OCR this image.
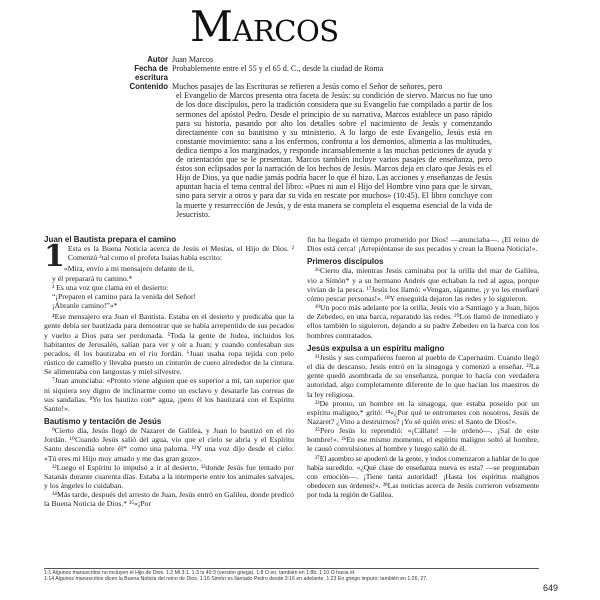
Marcos
Autor Juan Marcos
Fecha de escritura
Probablemente entre el 55 y el 65 d. C., desde la ciudad de Roma
Contenido Muchos pasajes de las Escrituras se refieren a Jesús como el Señor de señores, pero
el Evangelio de Marcos presenta otra faceta de Jesús: su condición de siervo. Marcos no fue uno de los doce discípulos, pero la tradición considera que su Evangelio fue compilado a partir de los sermones del apóstol Pedro. Desde el principio de su narrativa, Marcos establece un paso rápido para su historia, pasando por alto los detalles sobre el nacimiento de Jesús y comenzando directamente con su bautismo y su ministerio. A lo largo de este Evangelio, Jesús está en constante movimiento: sana a los enfermos, confronta a los demonios, alimenta a las multitudes, dedica tiempo a los marginados, y responde incansablemente a las muchas peticiones de ayuda y de orientación que se le presentan. Marcos también incluye varios pasajes de enseñanza, pero éstos son eclipsados por la narración de los hechos de Jesús. Marcos deja en claro que Jesús es el Hijo de Dios, ya que nadie jamás podría hacer lo que él hizo. Las acciones y enseñanzas de Jesús apuntan hacia el tema central del libro: «Pues ni aun el Hijo del Hombre vino para que le sirvan, sino para servir a otros y para dar su vida en rescate por muchos» (10:45). El libro concluye con la muerte y resurrección de Jesús, y de esta manera se completa el esquema esencial de la vida de Jesucristo.
Juan el Bautista prepara el camino

1 Esta es la Buena Noticia acerca de Jesús el Mesías, el Hijo de Dios. ² Comenzó ²tal como el profeta Isaías había escrito:

«Mira, envío a mi mensajero delante de ti,
y él preparará tu camino.*
³ Es una voz que clama en el desierto:
“¡Preparen el camino para la venida del Señor!
¡Ábranle camino!”»*

⁴Ese mensajero era Juan el Bautista. Estaba en el desierto y predicaba que la gente debía ser bautizada para demostrar que se había arrepentido de sus pecados y vuelto a Dios para ser perdonada. ⁵Toda la gente de Judea, incluidos los habitantes de Jerusalén, salían para ver y oír a Juan; y cuando confesaban sus pecados, él los bautizaba en el río Jordán. ⁶Juan usaba ropa tejida con pelo rústico de camello y llevaba puesto un cinturón de cuero alrededor de la cintura. Se alimentaba con langostas y miel silvestre.

⁷Juan anunciaba: «Pronto viene alguien que es superior a mí, tan superior que ni siquiera soy digno de inclinarme como un esclavo y desatarle las correas de sus sandalias. ⁸Yo los bautizo con* agua, ¡pero él los bautizará con el Espíritu Santo!».

Bautismo y tentación de Jesús

⁹Cierto día, Jesús llegó de Nazaret de Galilea, y Juan lo bautizó en el río Jordán. ¹⁰Cuando Jesús salió del agua, vio que el cielo se abría y el Espíritu Santo descendía sobre él* como una paloma. ¹¹Y una voz dijo desde el cielo: «Tú eres mi Hijo muy amado y me das gran gozo».

¹²Luego el Espíritu lo impulsó a ir al desierto, ¹³donde Jesús fue tentado por Satanás durante cuarenta días. Estaba a la intemperie entre los animales salvajes, y los ángeles lo cuidaban.

¹⁴Más tarde, después del arresto de Juan, Jesús entró en Galilea, donde predicó la Buena Noticia de Dios.* ¹⁵«¡Por

fin ha llegado el tiempo prometido por Dios! —anunciaba—. ¡El reino de Dios está cerca! ¡Arrepiéntanse de sus pecados y crean la Buena Noticia!».

Primeros discípulos

¹⁶Cierto día, mientras Jesús caminaba por la orilla del mar de Galilea, vio a Simón* y a su hermano Andrés que echaban la red al agua, porque vivían de la pesca. ¹⁷Jesús los llamó: «Vengan, síganme, ¡y yo les enseñaré cómo pescar personas!». ¹⁸Y enseguida dejaron las redes y lo siguieron.

¹⁹Un poco más adelante por la orilla, Jesús vio a Santiago y a Juan, hijos de Zebedeo, en una barca, reparando las redes. ²⁰Los llamó de inmediato y ellos también lo siguieron, dejando a su padre Zebedeo en la barca con los hombres contratados.

Jesús expulsa a un espíritu maligno

²¹Jesús y sus compañeros fueron al pueblo de Capernaúm. Cuando llegó el día de descanso, Jesús entró en la sinagoga y comenzó a enseñar. ²²La gente quedó asombrada de su enseñanza, porque lo hacía con verdadera autoridad, algo completamente diferente de lo que hacían los maestros de la ley religiosa.

²³De pronto, un hombre en la sinagoga, que estaba poseído por un espíritu maligno,* gritó: ²⁴«¿Por qué te entrometes con nosotros, Jesús de Nazaret? ¿Vino a destruirnos? ¡Yo sé quién eres: el Santo de Dios!».

²⁵Pero Jesús lo reprendió: «¡Cállate! —le ordenó—. ¡Sal de este hombre!». ²⁶En ese mismo momento, el espíritu maligno soltó al hombre, le causó convulsiones al hombre y luego salió de él.

²⁷El asombro se apoderó de la gente, y todos comenzaron a hablar de lo que había sucedido. «¿Qué clase de enseñanza nueva es esta? —se preguntaban con emoción—. ¡Tiene tanta autoridad! ¡Hasta los espíritus malignos obedecen sus órdenes!». ²⁸Las noticias acerca de Jesús corrieron velozmente por toda la región de Galilea.

1:1 Algunos manuscritos no incluyen el Hijo de Dios. 1:2 Ml 3:1. 1:3 Is 40:3 (versión griega). 1:8 O en; también en 1:8b. 1:10 O hacia él.
1:14 Algunos manuscritos dicen la Buena Noticia del reino de Dios. 1:16 Simón es llamado Pedro desde 3:16 en adelante. 1:23 En griego impuro; también en 1:26, 27.
649
